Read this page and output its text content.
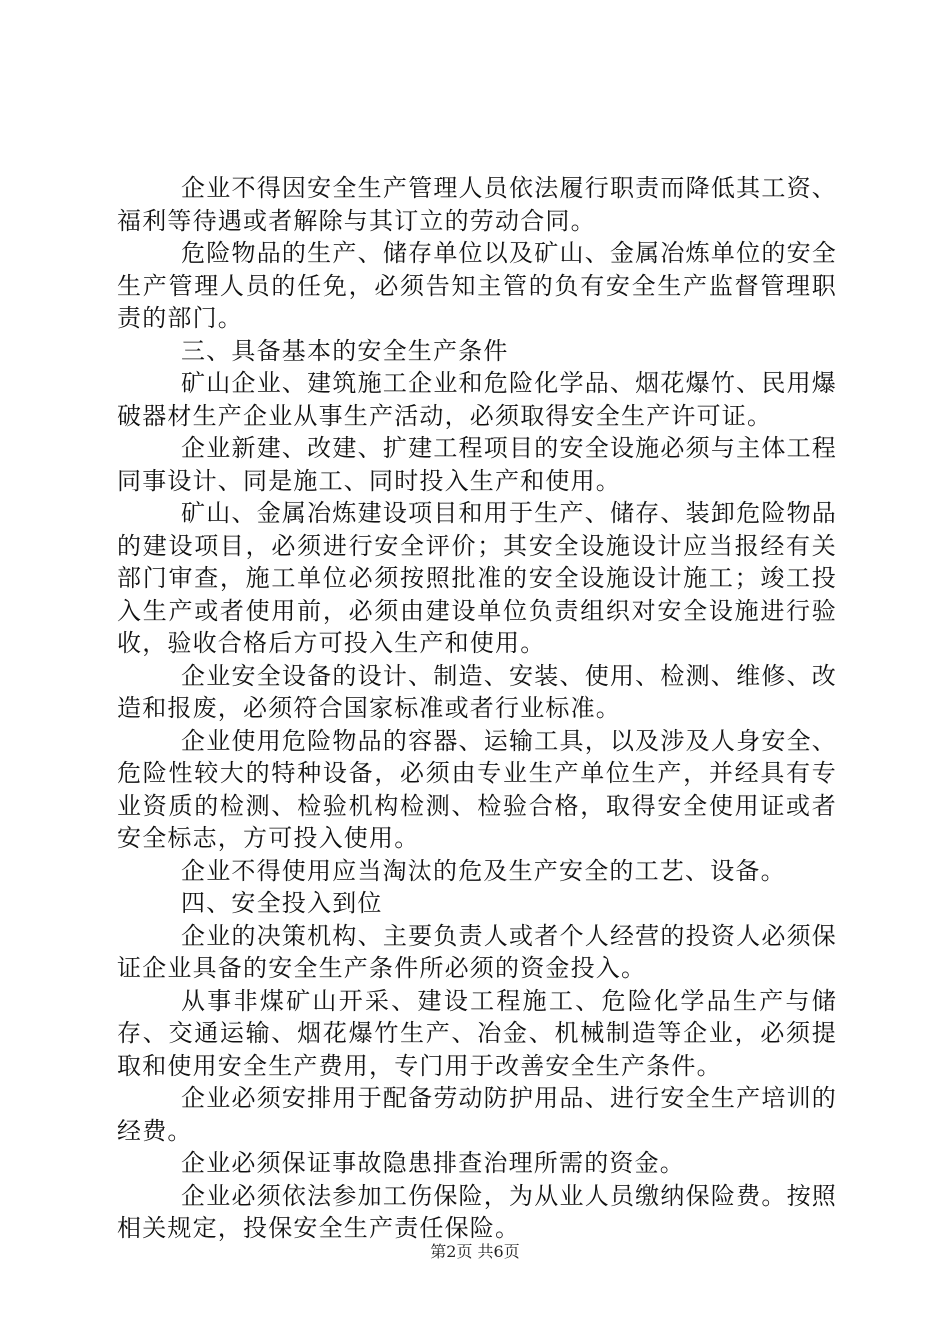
企业不得因安全生产管理人员依法履行职责而降低其工资、福利等待遇或者解除与其订立的劳动合同。

危险物品的生产、储存单位以及矿山、金属冶炼单位的安全生产管理人员的任免，必须告知主管的负有安全生产监督管理职责的部门。

三、具备基本的安全生产条件

矿山企业、建筑施工企业和危险化学品、烟花爆竹、民用爆破器材生产企业从事生产活动，必须取得安全生产许可证。

企业新建、改建、扩建工程项目的安全设施必须与主体工程同事设计、同是施工、同时投入生产和使用。

矿山、金属冶炼建设项目和用于生产、储存、装卸危险物品的建设项目，必须进行安全评价；其安全设施设计应当报经有关部门审查，施工单位必须按照批准的安全设施设计施工；竣工投入生产或者使用前，必须由建设单位负责组织对安全设施进行验收，验收合格后方可投入生产和使用。

企业安全设备的设计、制造、安装、使用、检测、维修、改造和报废，必须符合国家标准或者行业标准。

企业使用危险物品的容器、运输工具，以及涉及人身安全、危险性较大的特种设备，必须由专业生产单位生产，并经具有专业资质的检测、检验机构检测、检验合格，取得安全使用证或者安全标志，方可投入使用。

企业不得使用应当淘汰的危及生产安全的工艺、设备。

四、安全投入到位

企业的决策机构、主要负责人或者个人经营的投资人必须保证企业具备的安全生产条件所必须的资金投入。

从事非煤矿山开采、建设工程施工、危险化学品生产与储存、交通运输、烟花爆竹生产、冶金、机械制造等企业，必须提取和使用安全生产费用，专门用于改善安全生产条件。

企业必须安排用于配备劳动防护用品、进行安全生产培训的经费。

企业必须保证事故隐患排查治理所需的资金。

企业必须依法参加工伤保险，为从业人员缴纳保险费。按照相关规定，投保安全生产责任保险。

第2页 共6页
